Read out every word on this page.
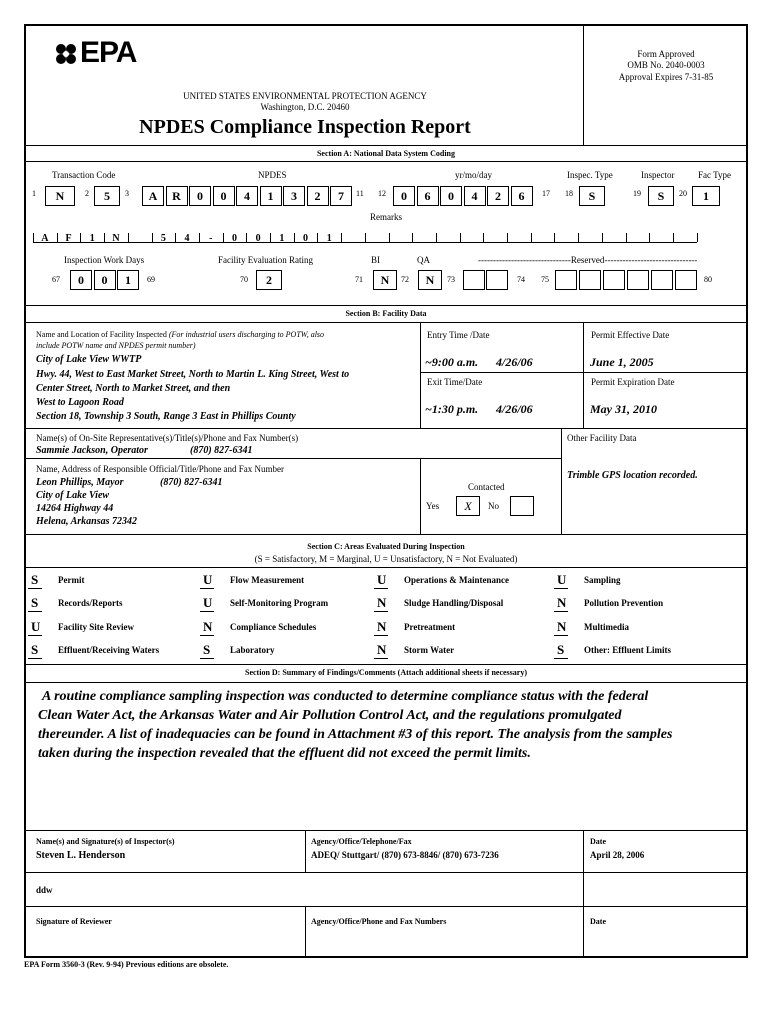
EPA	Form Approved
OMB No. 2040-0003
Approval Expires 7-31-85
UNITED STATES ENVIRONMENTAL PROTECTION AGENCY
Washington, D.C. 20460
NPDES Compliance Inspection Report
Section A: National Data System Coding
Transaction Code	NPDES	yr/mo/day	Inspec. Type	Inspector	Fac Type
1	N	2	5	3	A	R	0	0	4	1	3	2	7	11 12	0	6	0	4	2	6	17 18	S	19	S	20	1
Remarks
A	F	1	N	5	4	-	0	0	1	0	1
Inspection Work Days	Facility Evaluation Rating	BI	QA	-------------------------------Reserved-------------------------------
67	0	0	1	69	70	2	71	N	72	N	73	74 75	80
Section B: Facility Data
Name and Location of Facility Inspected (For industrial users discharging to POTW, also
include POTW name and NPDES permit number)
City of Lake View WWTP
Hwy. 44, West to East Market Street, North to Martin L. King Street, West to
Center Street, North to Market Street, and then
West to Lagoon Road
Section 18, Township 3 South, Range 3 East in Phillips County
Entry Time /Date
~9:00 a.m. 4/26/06
Exit Time/Date
~1:30 p.m. 4/26/06
Permit Effective Date
June 1, 2005
Permit Expiration Date
May 31, 2010
Name(s) of On-Site Representative(s)/Title(s)/Phone and Fax Number(s)
Sammie Jackson, Operator	(870) 827-6341
Other Facility Data
Trimble GPS location recorded.
Name, Address of Responsible Official/Title/Phone and Fax Number
Leon Phillips, Mayor	(870) 827-6341
City of Lake View
14264 Highway 44
Helena, Arkansas 72342
Contacted
Yes	X	No
Section C: Areas Evaluated During Inspection
(S = Satisfactory, M = Marginal, U = Unsatisfactory, N = Not Evaluated)
S Permit	U Flow Measurement	U Operations & Maintenance	U Sampling
S Records/Reports	U Self-Monitoring Program	N Sludge Handling/Disposal	N Pollution Prevention
U Facility Site Review	N Compliance Schedules	N Pretreatment	N Multimedia
S Effluent/Receiving Waters	S Laboratory	N Storm Water	S Other: Effluent Limits
Section D: Summary of Findings/Comments (Attach additional sheets if necessary)
A routine compliance sampling inspection was conducted to determine compliance status with the federal
Clean Water Act, the Arkansas Water and Air Pollution Control Act, and the regulations promulgated
thereunder. A list of inadequacies can be found in Attachment #3 of this report. The analysis from the samples
taken during the inspection revealed that the effluent did not exceed the permit limits.
Name(s) and Signature(s) of Inspector(s)
Steven L. Henderson
Agency/Office/Telephone/Fax
ADEQ/ Stuttgart/ (870) 673-8846/ (870) 673-7236
Date
April 28, 2006
ddw
Signature of Reviewer	Agency/Office/Phone and Fax Numbers	Date
EPA Form 3560-3 (Rev. 9-94) Previous editions are obsolete.
